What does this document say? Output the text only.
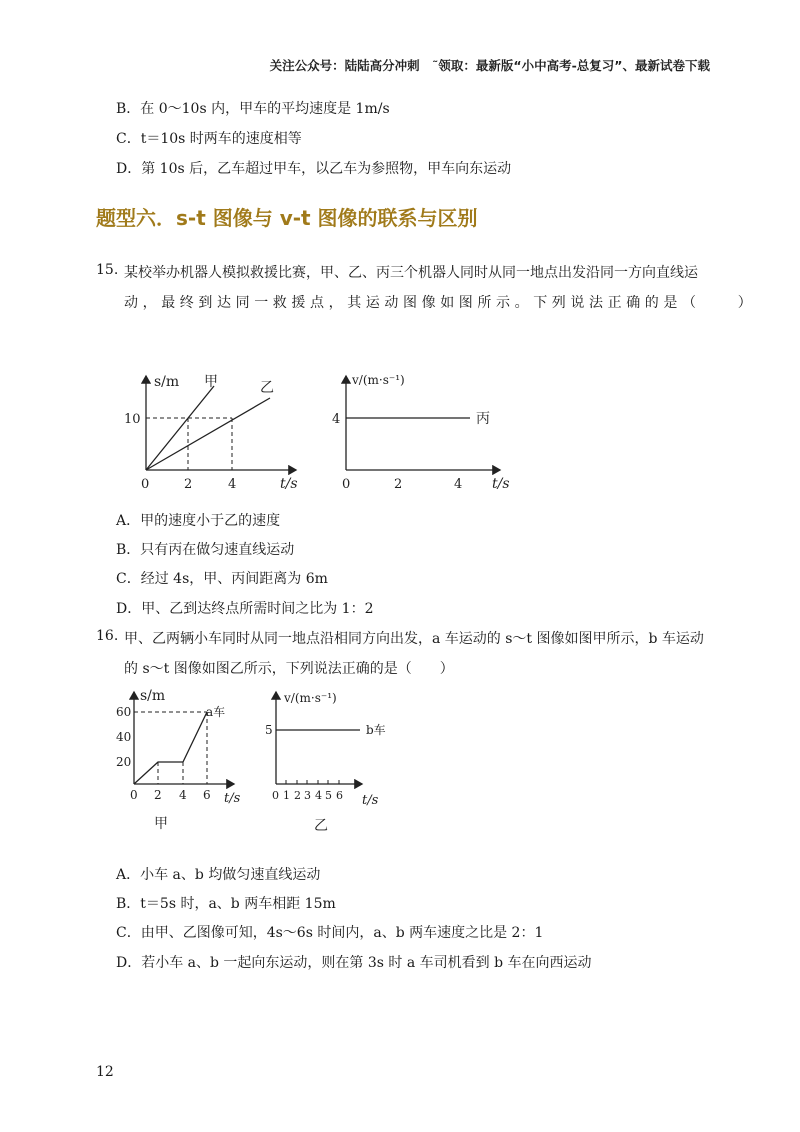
关注公众号：陆陆高分冲刺　˜领取：最新版“小中高考-总复习”、最新试卷下载
B．在 0～10s 内，甲车的平均速度是 1m/s
C．t＝10s 时两车的速度相等
D．第 10s 后，乙车超过甲车，以乙车为参照物，甲车向东运动
题型六．s-t 图像与 v-t 图像的联系与区别
15. 某校举办机器人模拟救援比赛，甲、乙、丙三个机器人同时从同一地点出发沿同一方向直线运
动，最终到达同一救援点，其运动图像如图所示。下列说法正确的是（　　）
s/m 甲	乙
10
0	2	4	t/s
v/(m·s⁻¹)
丙
4
0	2	4 t/s
A．甲的速度小于乙的速度
B．只有丙在做匀速直线运动
C．经过 4s，甲、丙间距离为 6m
D．甲、乙到达终点所需时间之比为 1：2
16. 甲、乙两辆小车同时从同一地点沿相同方向出发，a 车运动的 s～t 图像如图甲所示，b 车运动
的 s～t 图像如图乙所示，下列说法正确的是（　　）
s/m
a车
60
40
20
0 2 4 6 t/s
甲
v/(m·s⁻¹)
b车
5
0 1 2 3 4 5 6 t/s
乙
A．小车 a、b 均做匀速直线运动
B．t＝5s 时，a、b 两车相距 15m
C．由甲、乙图像可知，4s～6s 时间内，a、b 两车速度之比是 2：1
D．若小车 a、b 一起向东运动，则在第 3s 时 a 车司机看到 b 车在向西运动
12
